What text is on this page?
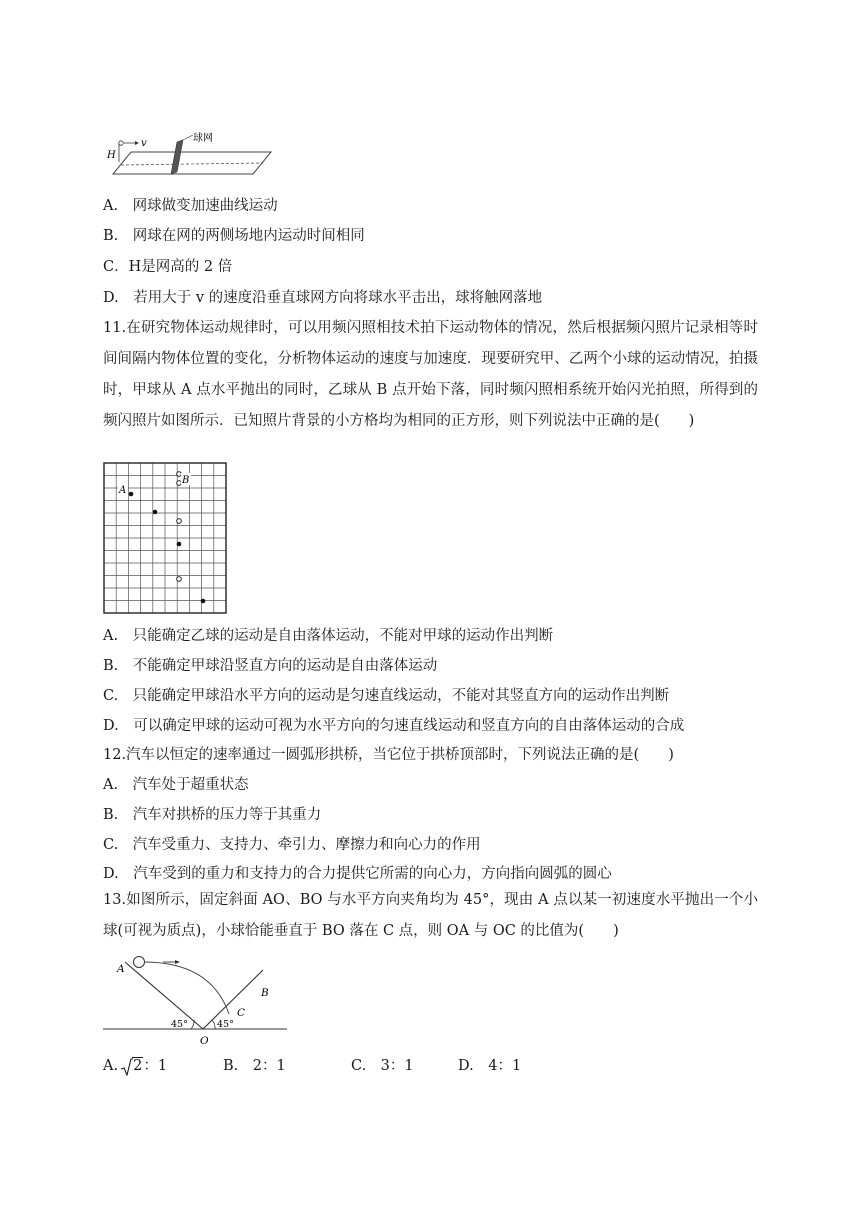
球网
H
v
A.　网球做变加速曲线运动
B.　网球在网的两侧场地内运动时间相同
C．H是网高的 2 倍
D.　若用大于 v 的速度沿垂直球网方向将球水平击出，球将触网落地
11.在研究物体运动规律时，可以用频闪照相技术拍下运动物体的情况，然后根据频闪照片记录相等时间间隔内物体位置的变化，分析物体运动的速度与加速度．现要研究甲、乙两个小球的运动情况，拍摄时，甲球从 A 点水平抛出的同时，乙球从 B 点开始下落，同时频闪照相系统开始闪光拍照，所得到的频闪照片如图所示．已知照片背景的小方格均为相同的正方形，则下列说法中正确的是(　　)
A
B
A.　只能确定乙球的运动是自由落体运动，不能对甲球的运动作出判断
B.　不能确定甲球沿竖直方向的运动是自由落体运动
C.　只能确定甲球沿水平方向的运动是匀速直线运动，不能对其竖直方向的运动作出判断
D.　可以确定甲球的运动可视为水平方向的匀速直线运动和竖直方向的自由落体运动的合成
12.汽车以恒定的速率通过一圆弧形拱桥，当它位于拱桥顶部时，下列说法正确的是(　　)
A.　汽车处于超重状态
B.　汽车对拱桥的压力等于其重力
C.　汽车受重力、支持力、牵引力、摩擦力和向心力的作用
D.　汽车受到的重力和支持力的合力提供它所需的向心力，方向指向圆弧的圆心
13.如图所示，固定斜面 AO、BO 与水平方向夹角均为 45°，现由 A 点以某一初速度水平抛出一个小球(可视为质点)，小球恰能垂直于 BO 落在 C 点，则 OA 与 OC 的比值为(　　)
A
B
C
O
45°	45°
A. 2：1	B.　2：1	C.　3：1	D.　4：1
